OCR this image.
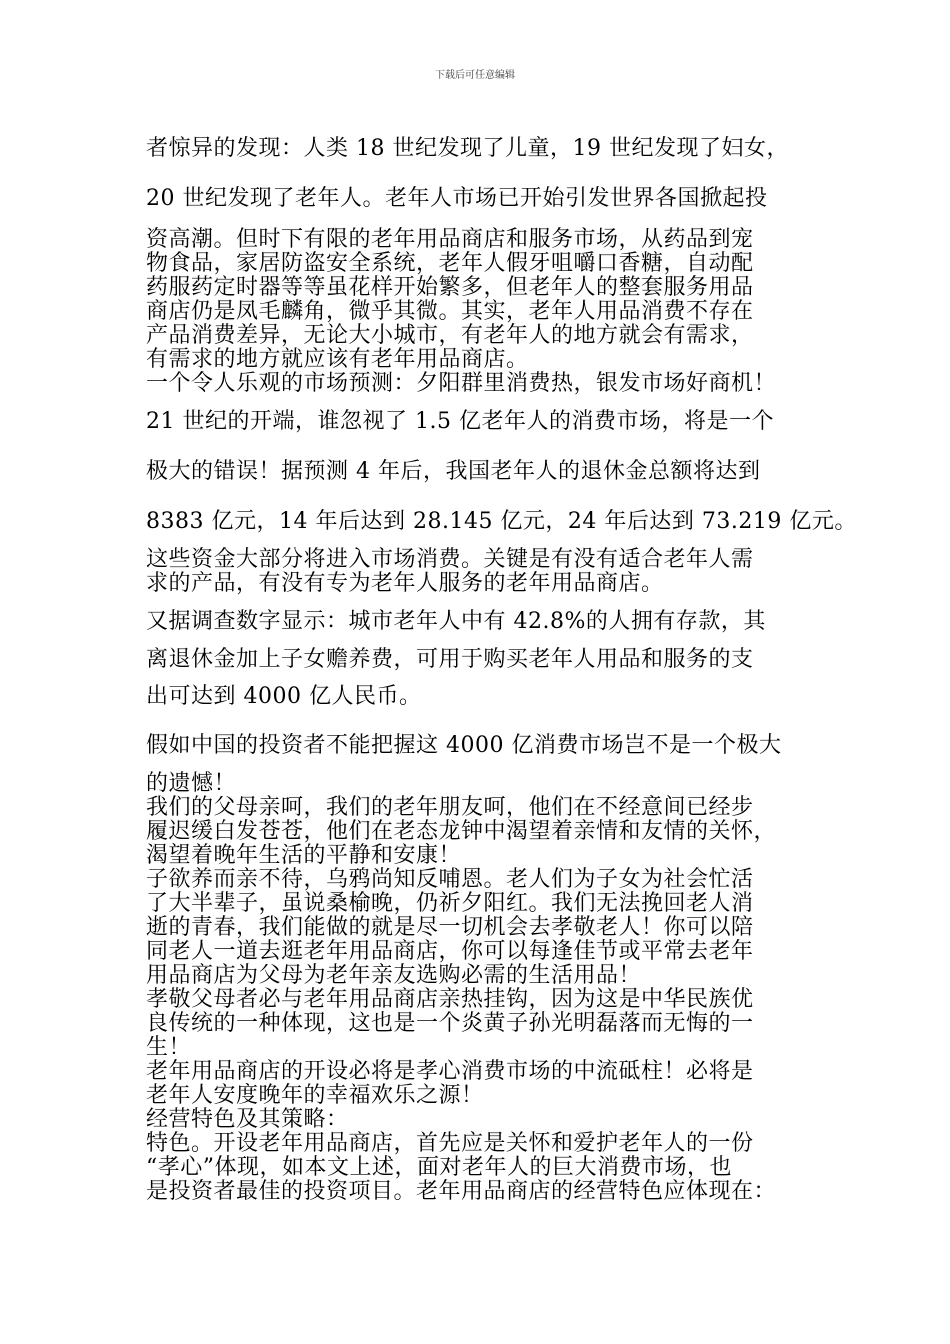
下载后可任意编辑
者惊异的发现：人类 18 世纪发现了儿童，19 世纪发现了妇女，
20 世纪发现了老年人。老年人市场已开始引发世界各国掀起投
资高潮。但时下有限的老年用品商店和服务市场，从药品到宠
物食品，家居防盗安全系统，老年人假牙咀嚼口香糖，自动配
药服药定时器等等虽花样开始繁多，但老年人的整套服务用品
商店仍是凤毛麟角，微乎其微。其实，老年人用品消费不存在
产品消费差异，无论大小城市，有老年人的地方就会有需求，
有需求的地方就应该有老年用品商店。
一个令人乐观的市场预测：夕阳群里消费热，银发市场好商机！
21 世纪的开端，谁忽视了 1.5 亿老年人的消费市场，将是一个
极大的错误！据预测 4 年后，我国老年人的退休金总额将达到
8383 亿元，14 年后达到 28.145 亿元，24 年后达到 73.219 亿元。
这些资金大部分将进入市场消费。关键是有没有适合老年人需
求的产品，有没有专为老年人服务的老年用品商店。
又据调查数字显示：城市老年人中有 42.8%的人拥有存款，其
离退休金加上子女赡养费，可用于购买老年人用品和服务的支
出可达到 4000 亿人民币。
假如中国的投资者不能把握这 4000 亿消费市场岂不是一个极大
的遗憾！
我们的父母亲呵，我们的老年朋友呵，他们在不经意间已经步
履迟缓白发苍苍，他们在老态龙钟中渴望着亲情和友情的关怀，
渴望着晚年生活的平静和安康！
子欲养而亲不待，乌鸦尚知反哺恩。老人们为子女为社会忙活
了大半辈子，虽说桑榆晚，仍祈夕阳红。我们无法挽回老人消
逝的青春，我们能做的就是尽一切机会去孝敬老人！你可以陪
同老人一道去逛老年用品商店，你可以每逢佳节或平常去老年
用品商店为父母为老年亲友选购必需的生活用品！
孝敬父母者必与老年用品商店亲热挂钩，因为这是中华民族优
良传统的一种体现，这也是一个炎黄子孙光明磊落而无悔的一
生！
老年用品商店的开设必将是孝心消费市场的中流砥柱！必将是
老年人安度晚年的幸福欢乐之源！
经营特色及其策略：
特色。开设老年用品商店，首先应是关怀和爱护老年人的一份
“孝心”体现，如本文上述，面对老年人的巨大消费市场，也
是投资者最佳的投资项目。老年用品商店的经营特色应体现在：
